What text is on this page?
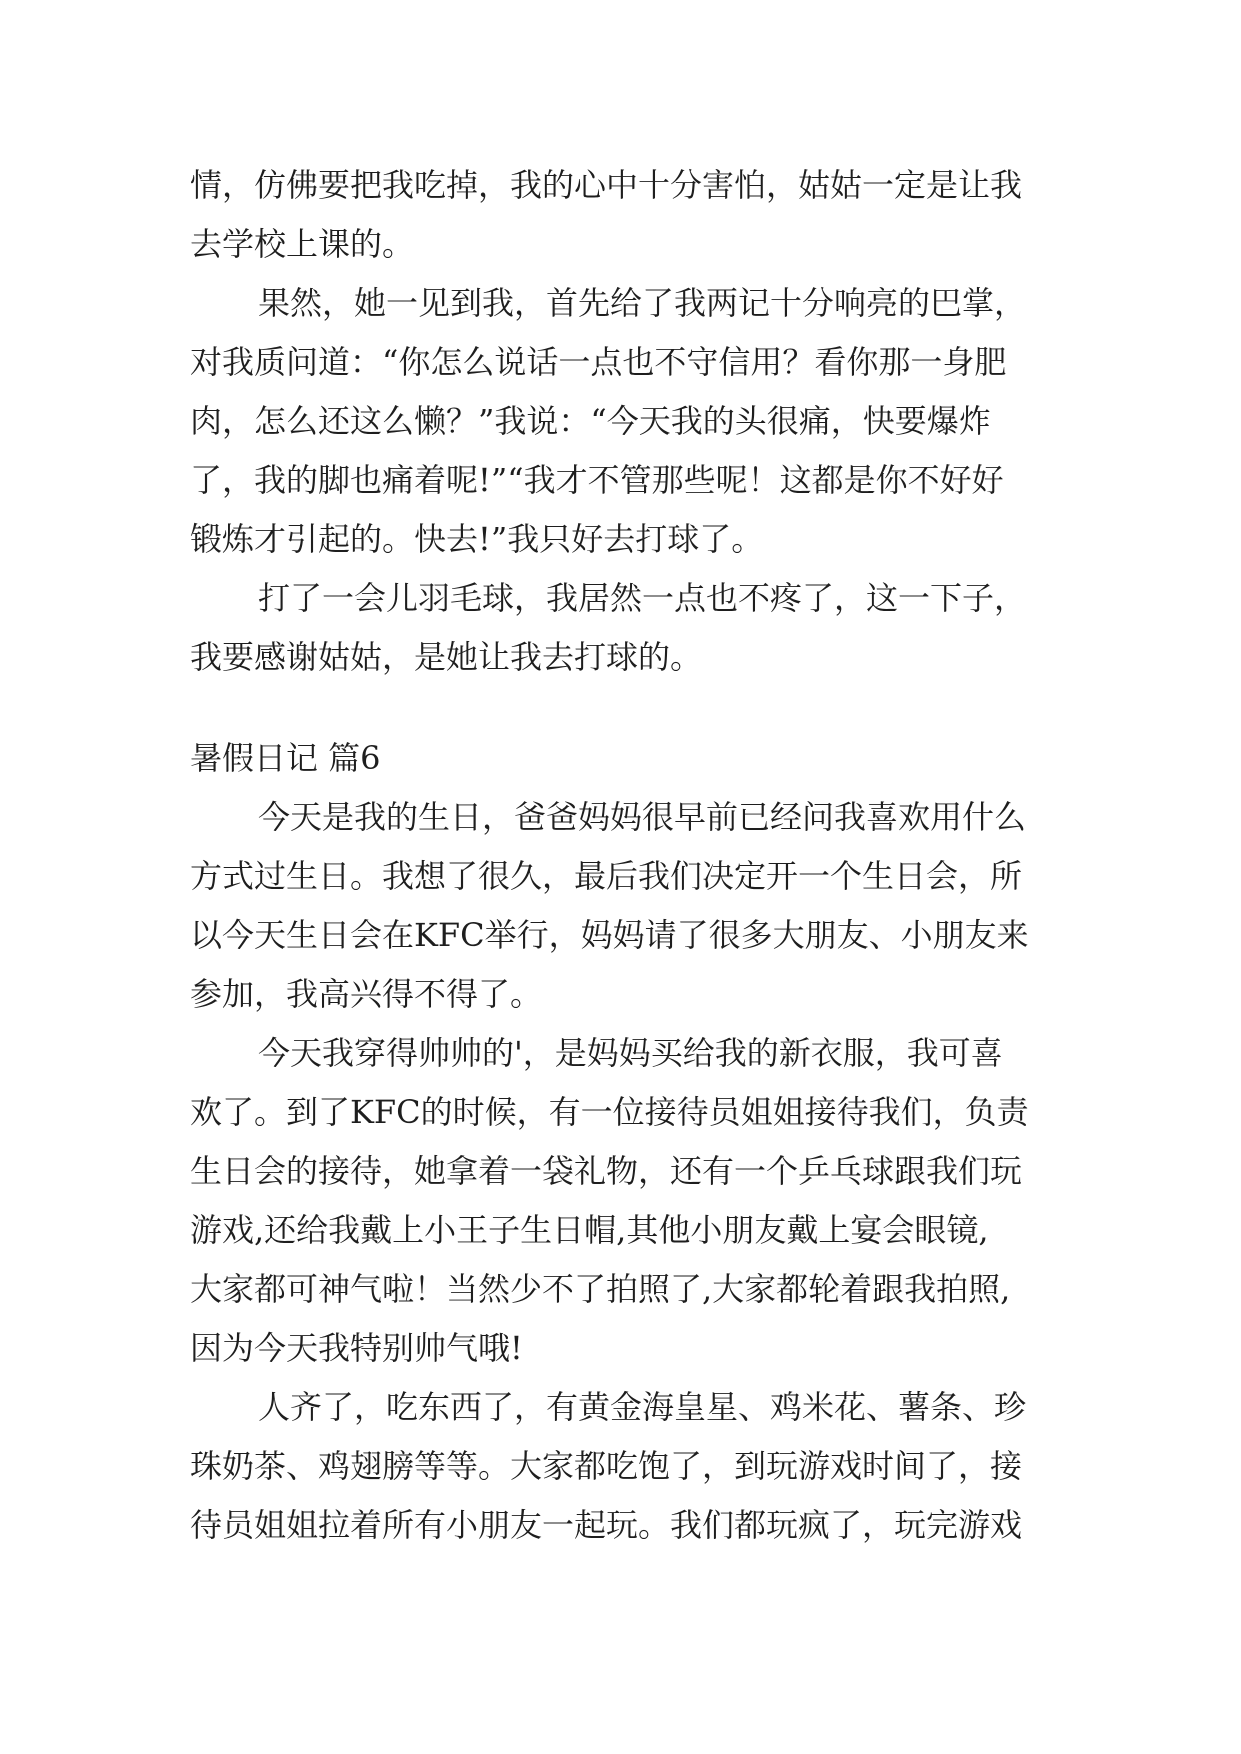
情，仿佛要把我吃掉，我的心中十分害怕，姑姑一定是让我
去学校上课的。
果然，她一见到我，首先给了我两记十分响亮的巴掌，
对我质问道：“你怎么说话一点也不守信用？看你那一身肥
肉，怎么还这么懒？”我说：“今天我的头很痛，快要爆炸
了，我的脚也痛着呢!”“我才不管那些呢！这都是你不好好
锻炼才引起的。快去!”我只好去打球了。
打了一会儿羽毛球，我居然一点也不疼了，这一下子，
我要感谢姑姑，是她让我去打球的。
暑假日记 篇6
今天是我的生日，爸爸妈妈很早前已经问我喜欢用什么
方式过生日。我想了很久，最后我们决定开一个生日会，所
以今天生日会在KFC举行，妈妈请了很多大朋友、小朋友来
参加，我高兴得不得了。
今天我穿得帅帅的'，是妈妈买给我的新衣服，我可喜
欢了。到了KFC的时候，有一位接待员姐姐接待我们，负责
生日会的接待，她拿着一袋礼物，还有一个乒乓球跟我们玩
游戏,还给我戴上小王子生日帽,其他小朋友戴上宴会眼镜,
大家都可神气啦！当然少不了拍照了,大家都轮着跟我拍照,
因为今天我特别帅气哦!
人齐了，吃东西了，有黄金海皇星、鸡米花、薯条、珍
珠奶茶、鸡翅膀等等。大家都吃饱了，到玩游戏时间了，接
待员姐姐拉着所有小朋友一起玩。我们都玩疯了，玩完游戏
